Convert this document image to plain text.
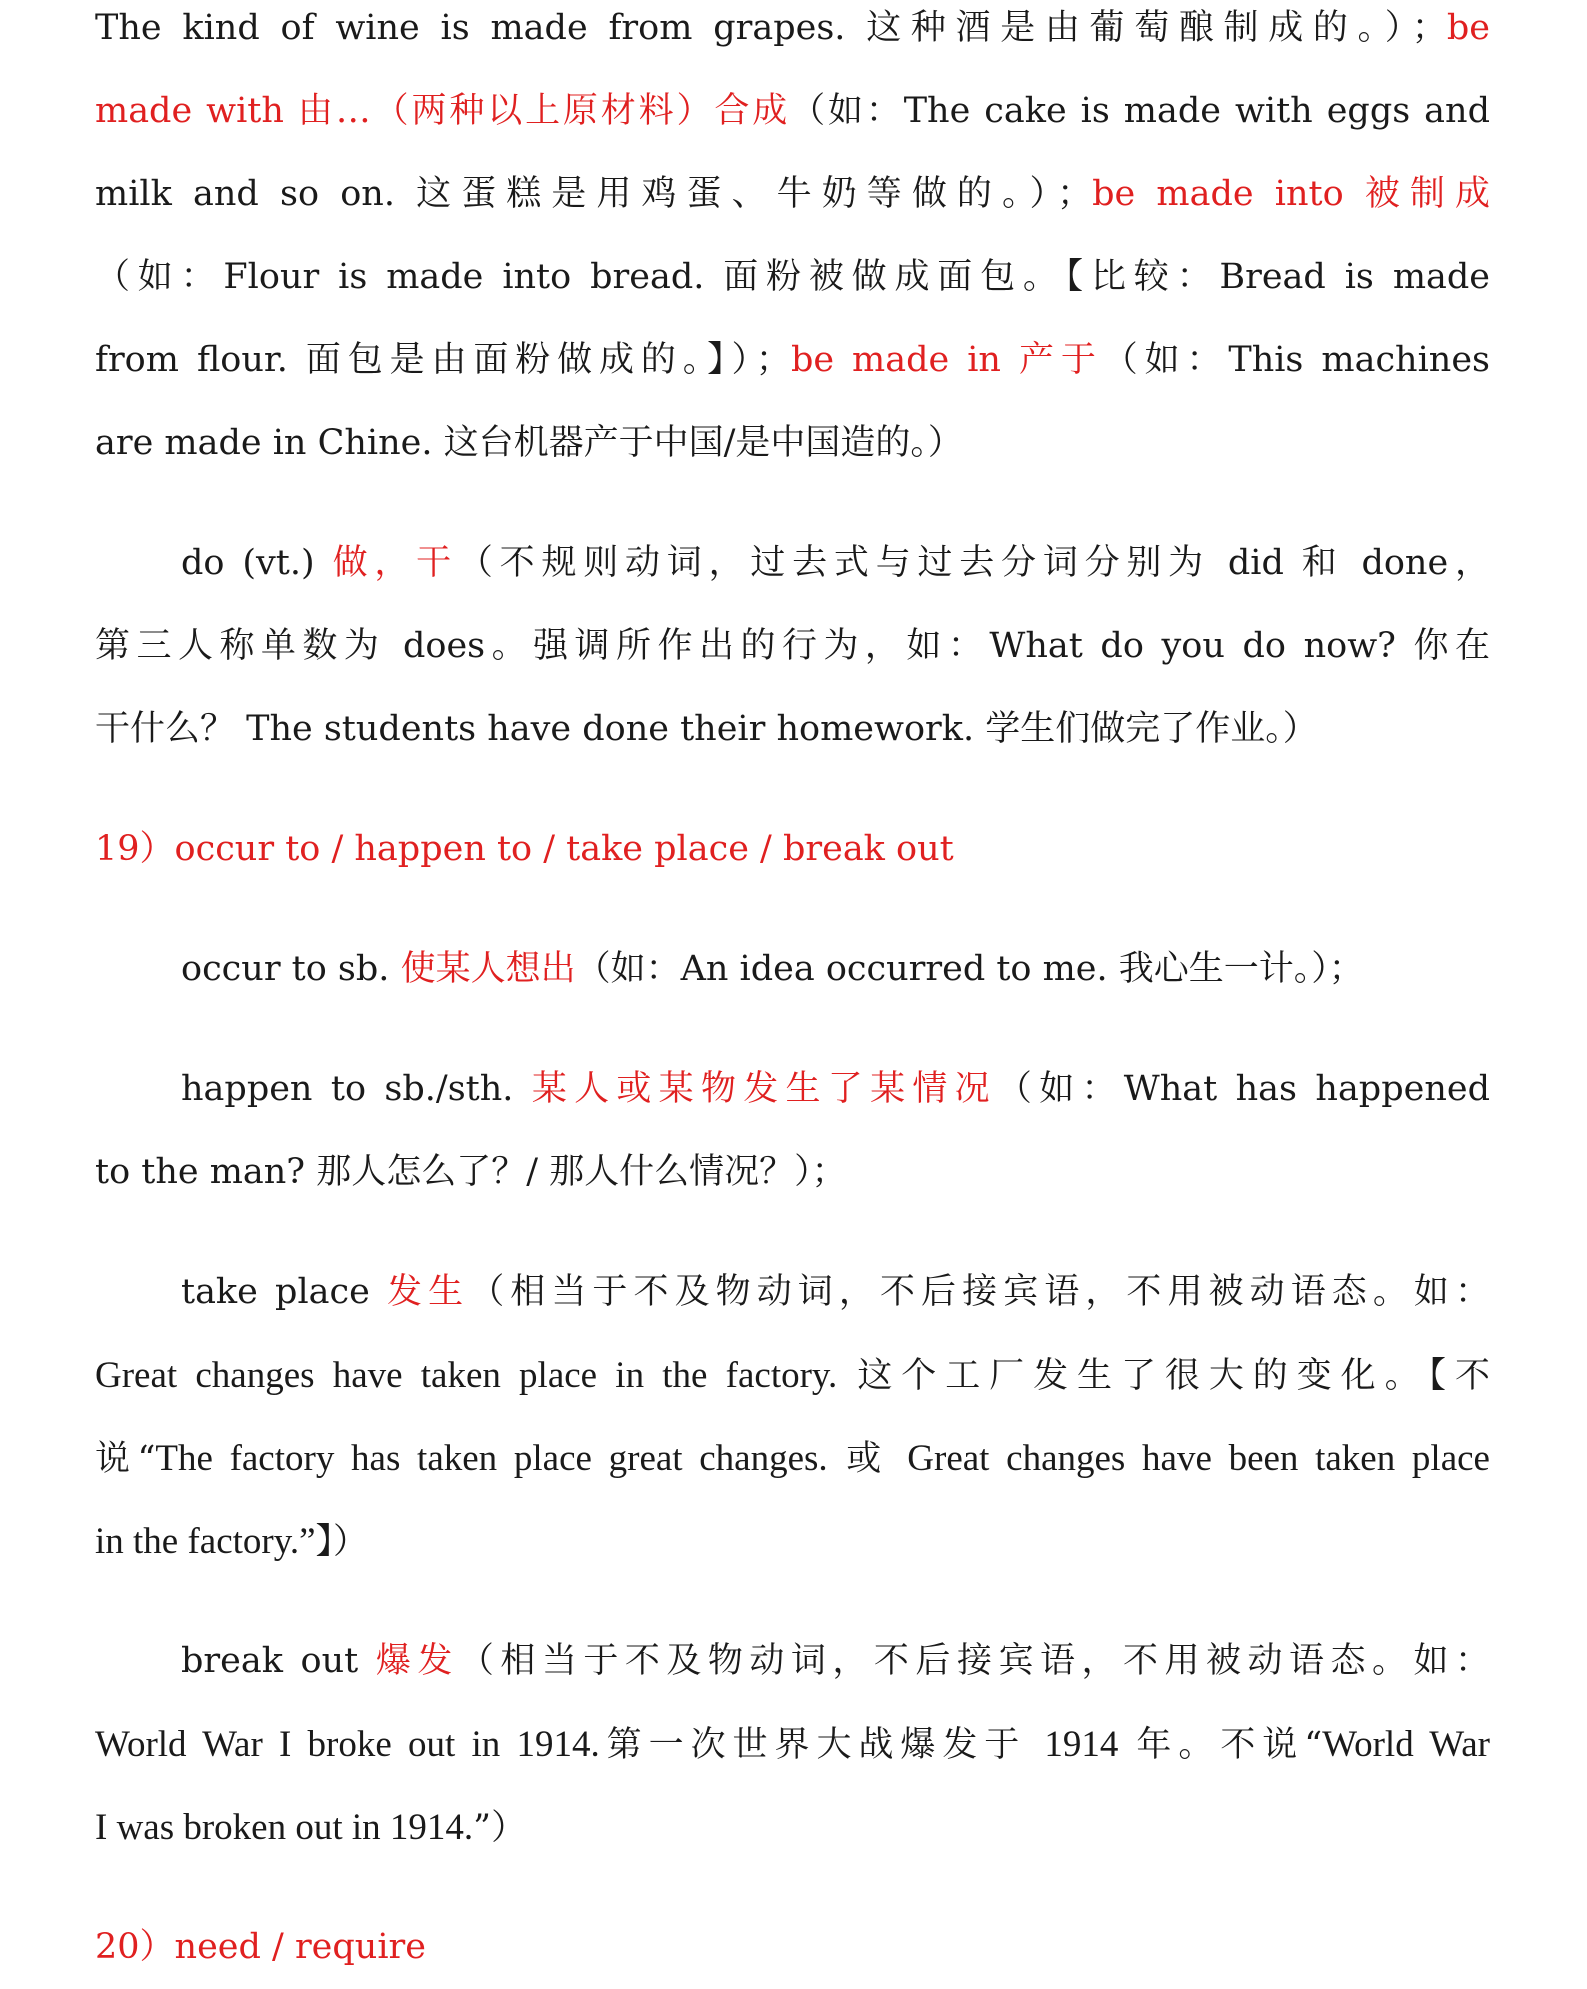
The kind of wine is made from grapes. 这种酒是由葡萄酿制成的。）；be
made with 由…（两种以上原材料）合成（如：The cake is made with eggs and
milk and so on. 这蛋糕是用鸡蛋、牛奶等做的。）；be made into 被制成
（如：Flour is made into bread. 面粉被做成面包。【比较：Bread is made
from flour. 面包是由面粉做成的。】）；be made in 产于（如：This machines
are made in Chine. 这台机器产于中国/是中国造的。）
do (vt.) 做，干（不规则动词，过去式与过去分词分别为 did 和 done，
第三人称单数为 does。强调所作出的行为，如：What do you do now? 你在
干什么？ The students have done their homework. 学生们做完了作业。）
19）occur to / happen to / take place / break out
occur to sb. 使某人想出（如：An idea occurred to me. 我心生一计。）；
happen to sb./sth. 某人或某物发生了某情况（如：What has happened
to the man? 那人怎么了？/ 那人什么情况？）；
take place 发生（相当于不及物动词，不后接宾语，不用被动语态。如：
Great changes have taken place in the factory. 这个工厂发生了很大的变化。【不
说“The factory has taken place great changes. 或 Great changes have been taken place
in the factory.”】）
break out 爆发（相当于不及物动词，不后接宾语，不用被动语态。如：
World War I broke out in 1914.第一次世界大战爆发于 1914 年。不说“World War
I was broken out in 1914.”）
20）need / require
